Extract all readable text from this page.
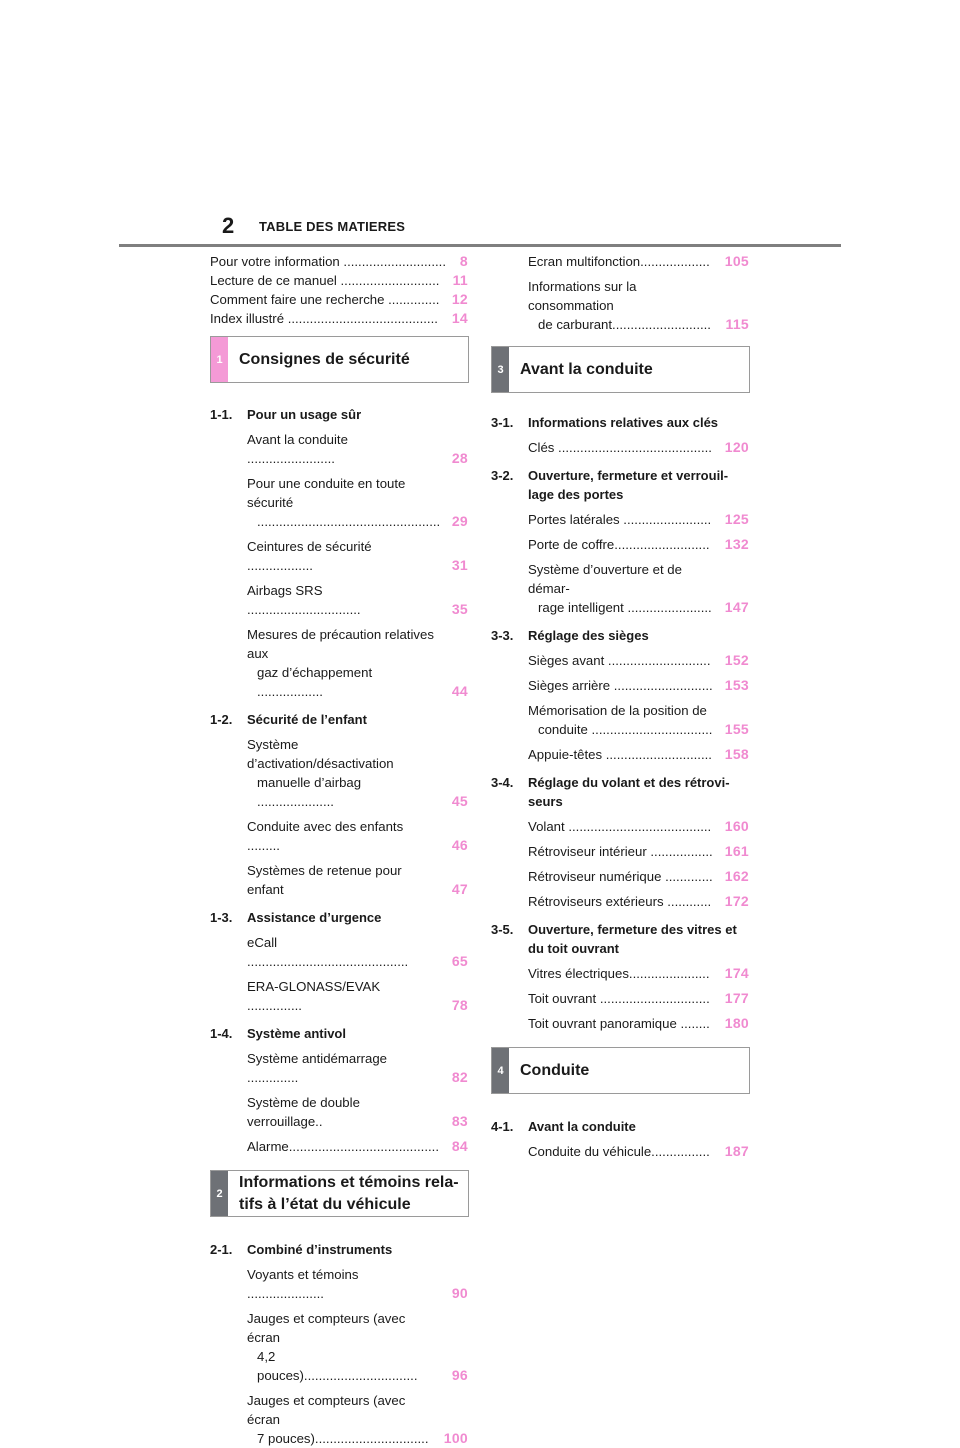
2 TABLE DES MATIERES
Pour votre information ............................ 8
Lecture de ce manuel ........................... 11
Comment faire une recherche .............. 12
Index illustré ......................................... 14
1	Consignes de sécurité
1-1. Pour un usage sûr
Avant la conduite ........................	28
Pour une conduite en toute sécurité
.................................................. 29
Ceintures de sécurité ..................	31
Airbags SRS ...............................	35
Mesures de précaution relatives aux
gaz d’échappement ..................	44
1-2. Sécurité de l’enfant
Système d’activation/désactivation
manuelle d’airbag .....................	45
Conduite avec des enfants .........	46
Systèmes de retenue pour enfant	47
1-3. Assistance d’urgence
eCall ............................................	65
ERA-GLONASS/EVAK ...............	78
1-4. Système antivol
Système antidémarrage ..............	82
Système de double verrouillage..	83
Alarme......................................... 84
2
Informations et témoins rela-
tifs à l’état du véhicule
2-1. Combiné d’instruments
Voyants et témoins .....................	90
Jauges et compteurs (avec écran
4,2 pouces)...............................	96
Jauges et compteurs (avec écran
7 pouces)...............................	100
Ecran multifonction................... 105
Informations sur la consommation
de carburant...........................	115
3	Avant la conduite
3-1. Informations relatives aux clés
Clés .......................................... 120
3-2. Ouverture, fermeture et verrouil-
lage des portes
Portes latérales ........................ 125
Porte de coffre.......................... 132
Système d’ouverture et de démar-
rage intelligent ....................... 147
3-3. Réglage des sièges
Sièges avant ............................ 152
Sièges arrière ........................... 153
Mémorisation de la position de
conduite ................................. 155
Appuie-têtes ............................. 158
3-4. Réglage du volant et des rétrovi-
seurs
Volant ....................................... 160
Rétroviseur intérieur ................. 161
Rétroviseur numérique ............. 162
Rétroviseurs extérieurs ............ 172
3-5. Ouverture, fermeture des vitres et
du toit ouvrant
Vitres électriques...................... 174
Toit ouvrant .............................. 177
Toit ouvrant panoramique ........ 180
4	Conduite
4-1. Avant la conduite
Conduite du véhicule................ 187
